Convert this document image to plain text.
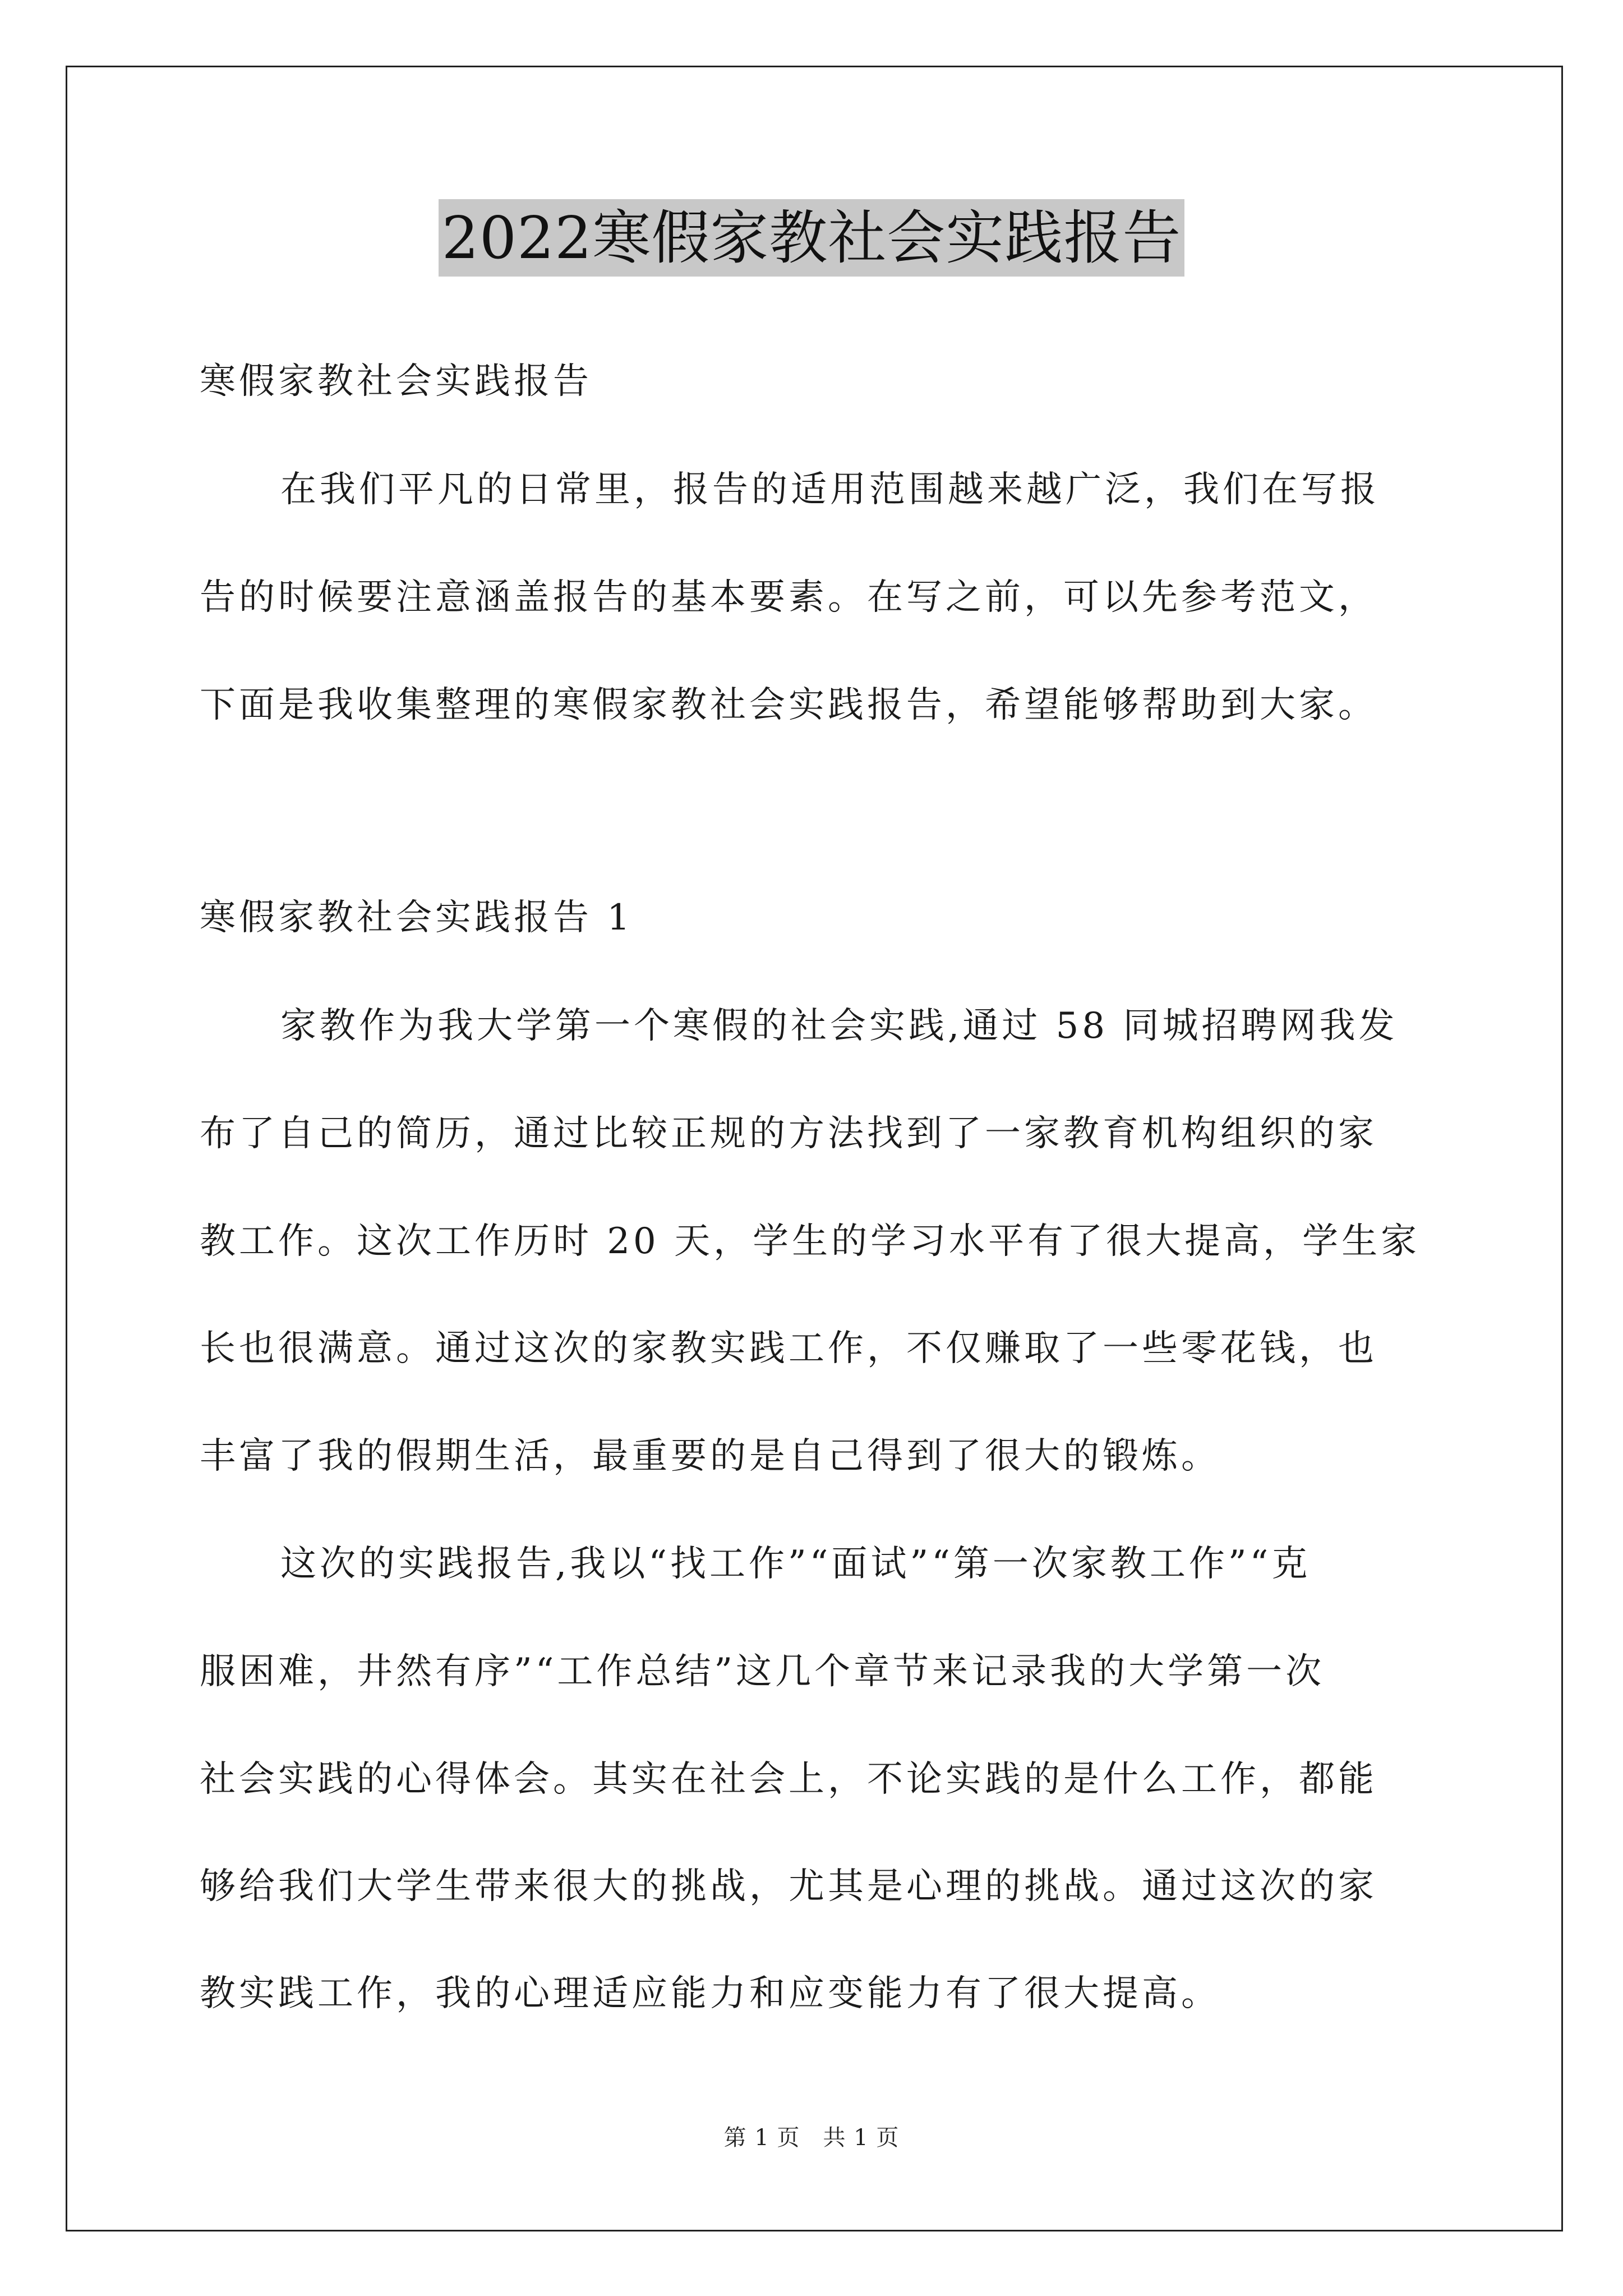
2022寒假家教社会实践报告
寒假家教社会实践报告
在我们平凡的日常里，报告的适用范围越来越广泛，我们在写报
告的时候要注意涵盖报告的基本要素。在写之前，可以先参考范文，
下面是我收集整理的寒假家教社会实践报告，希望能够帮助到大家。
寒假家教社会实践报告 1
家教作为我大学第一个寒假的社会实践,通过 58 同城招聘网我发
布了自己的简历，通过比较正规的方法找到了一家教育机构组织的家
教工作。这次工作历时 20 天，学生的学习水平有了很大提高，学生家
长也很满意。通过这次的家教实践工作，不仅赚取了一些零花钱，也
丰富了我的假期生活，最重要的是自己得到了很大的锻炼。
这次的实践报告,我以“找工作”“面试”“第一次家教工作”“克
服困难，井然有序”“工作总结”这几个章节来记录我的大学第一次
社会实践的心得体会。其实在社会上，不论实践的是什么工作，都能
够给我们大学生带来很大的挑战，尤其是心理的挑战。通过这次的家
教实践工作，我的心理适应能力和应变能力有了很大提高。
第 1 页　共 1 页
